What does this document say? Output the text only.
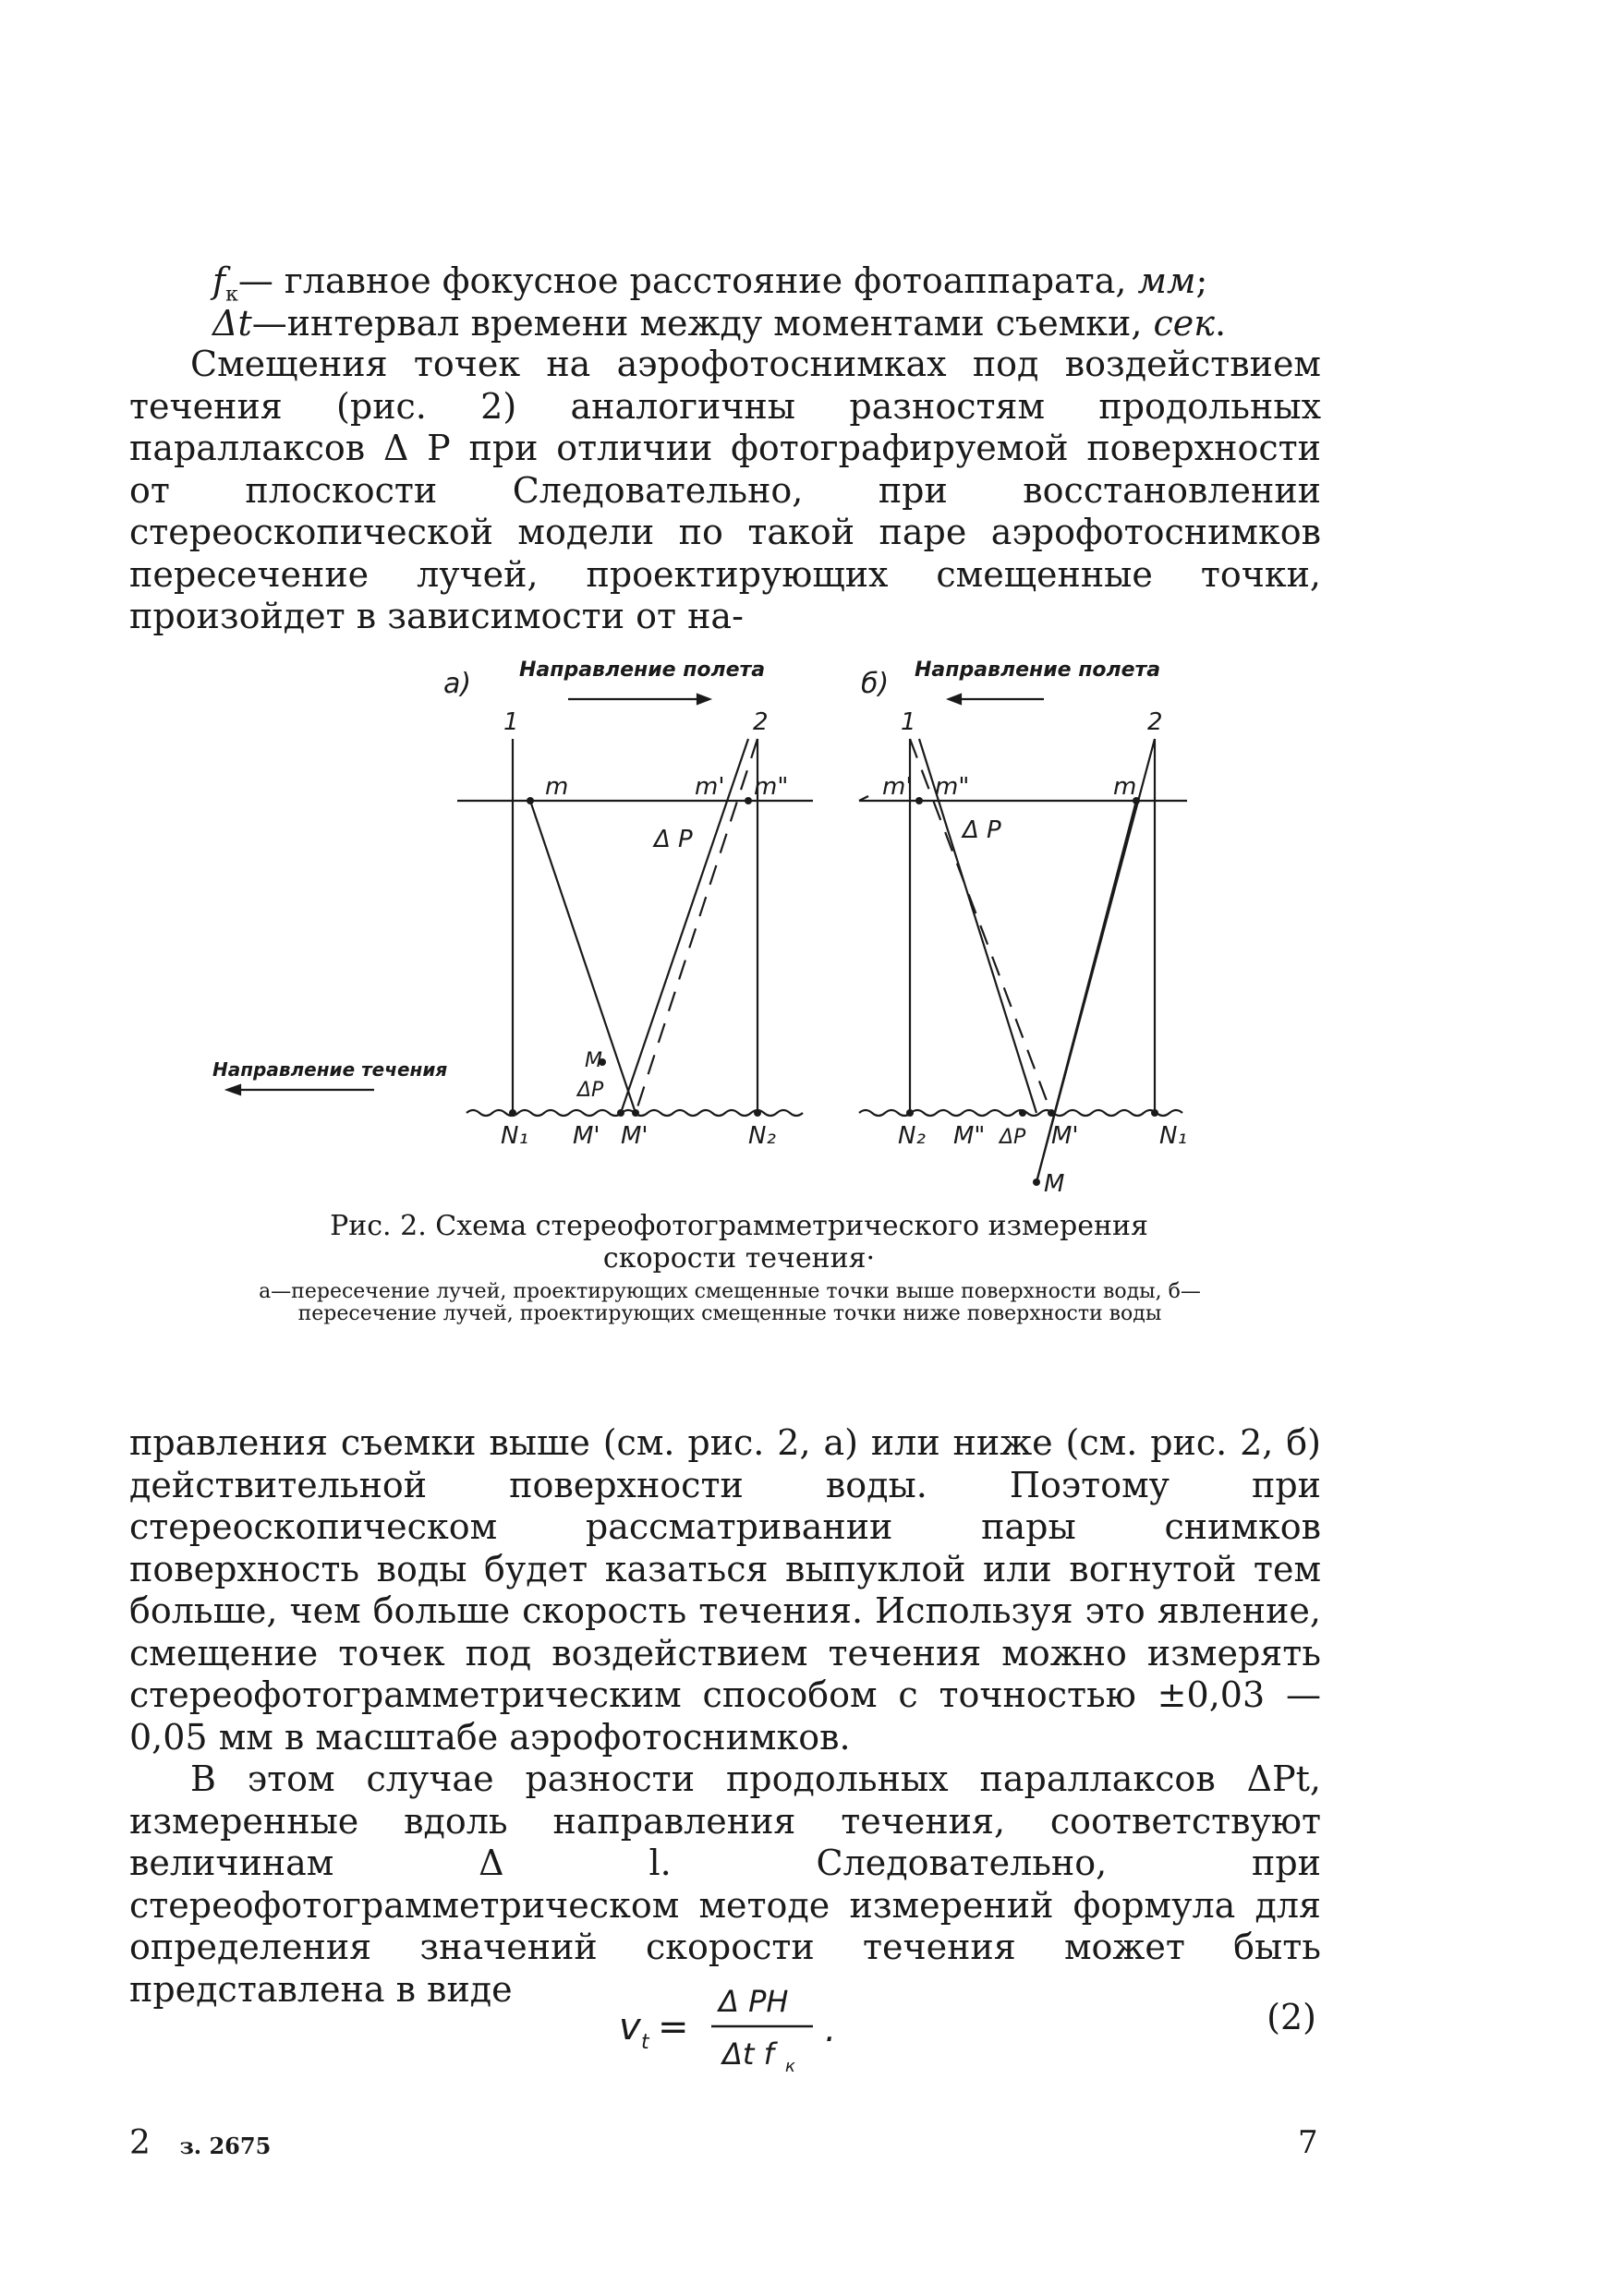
$f_к—$ главное фокусное расстояние фотоаппарата, мм;
Δt—интервал времени между моментами съемки, сек.

Смещения точек на аэрофотоснимках под воздействием течения (рис. 2) аналогичны разностям продольных параллаксов Δ P при отличии фотографируемой поверхности от плоскости Следовательно, при восстановлении стереоскопической модели по такой паре аэрофотоснимков пересечение лучей, проектирующих смещенные точки, произойдет в зависимости от на-

а) Направление полета
Направление течения
1	2
m	m' m"
Δ P
M
ΔP
N₁ M' M'	N₂
б) Направление полета
1	2
m' m"	m
Δ P
N₂ M" ΔP M'	N₁
M
Рис. 2. Схема стереофотограмметрического измерения скорости течения·
а—пересечение лучей, проектирующих смещенные точки выше поверхности воды, б—пересечение лучей, проектирующих смещенные точки ниже поверхности воды

правления съемки выше (см. рис. 2, а) или ниже (см. рис. 2, б) действительной поверхности воды. Поэтому при стереоскопическом рассматривании пары снимков поверхность воды будет казаться выпуклой или вогнутой тем больше, чем больше скорость течения. Используя это явление, смещение точек под воздействием течения можно измерять стереофотограмметрическим способом с точностью ±0,03 — 0,05 мм в масштабе аэрофотоснимков.

В этом случае разности продольных параллаксов ΔPt, измеренные вдоль направления течения, соответствуют величинам Δ l. Следовательно, при стереофотограмметрическом методе измерений формула для определения значений скорости течения может быть представлена в виде

v t =
Δ PH
Δt f к
.	(2)
2 з. 2675	7
